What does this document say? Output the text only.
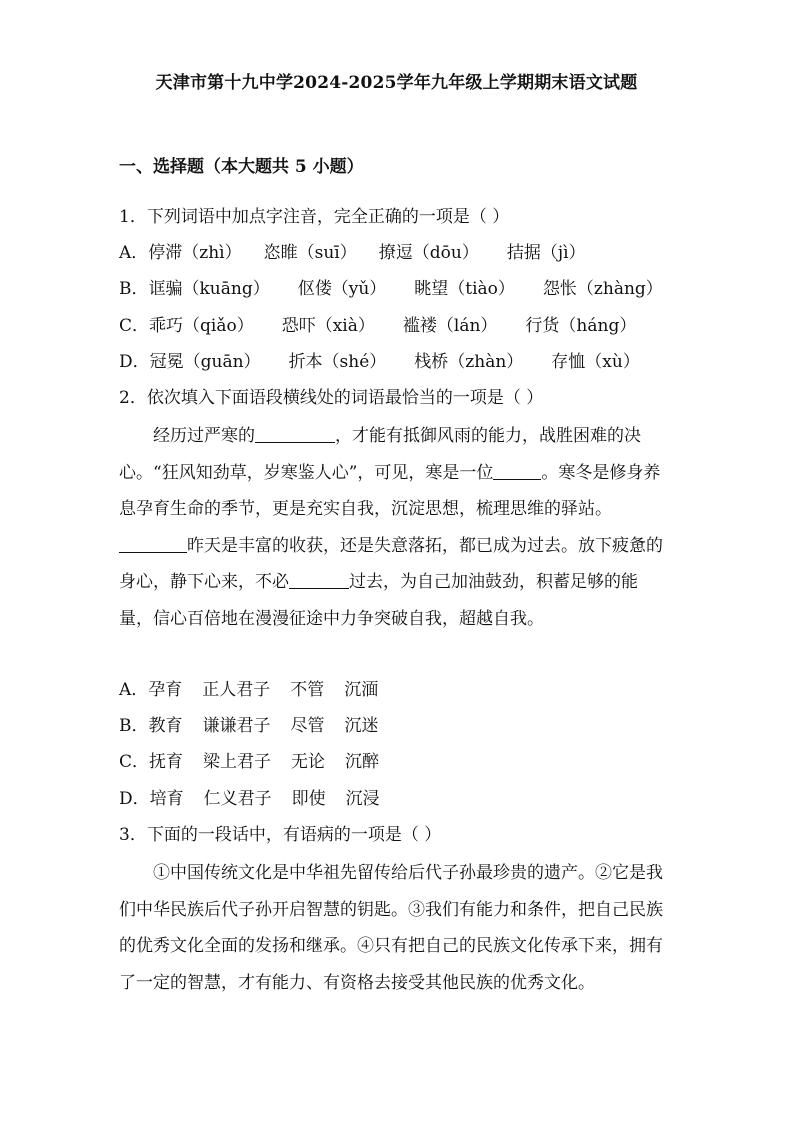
天津市第十九中学2024-2025学年九年级上学期期末语文试题
一、选择题（本大题共 5 小题）
1．下列词语中加点字注音，完全正确的一项是（ ）
A．停滞（zhì） 恣睢（suī） 撩逗（dōu） 拮据（jì）
B．诓骗（kuāng） 伛偻（yǔ） 眺望（tiào） 怨怅（zhàng）
C．乖巧（qiǎo） 恐吓（xià） 褴褛（lán） 行货（háng）
D．冠冕（guān） 折本（shé） 栈桥（zhàn） 存恤（xù）
2．依次填入下面语段横线处的词语最恰当的一项是（ ）
经历过严寒的	，才能有抵御风雨的能力，战胜困难的决心。“狂风知劲草，岁寒鉴人心”，可见，寒是一位	。寒冬是修身养息孕育生命的季节，更是充实自我，沉淀思想，梳理思维的驿站。昨天是丰富的收获，还是失意落拓，都已成为过去。放下疲惫的身心，静下心来，不必	过去，为自己加油鼓劲，积蓄足够的能量，信心百倍地在漫漫征途中力争突破自我，超越自我。
A．孕育 正人君子 不管 沉湎
B．教育 谦谦君子 尽管 沉迷
C．抚育 梁上君子 无论 沉醉
D．培育 仁义君子 即使 沉浸
3．下面的一段话中，有语病的一项是（ ）
①中国传统文化是中华祖先留传给后代子孙最珍贵的遗产。②它是我们中华民族后代子孙开启智慧的钥匙。③我们有能力和条件，把自己民族的优秀文化全面的发扬和继承。④只有把自己的民族文化传承下来，拥有了一定的智慧，才有能力、有资格去接受其他民族的优秀文化。
